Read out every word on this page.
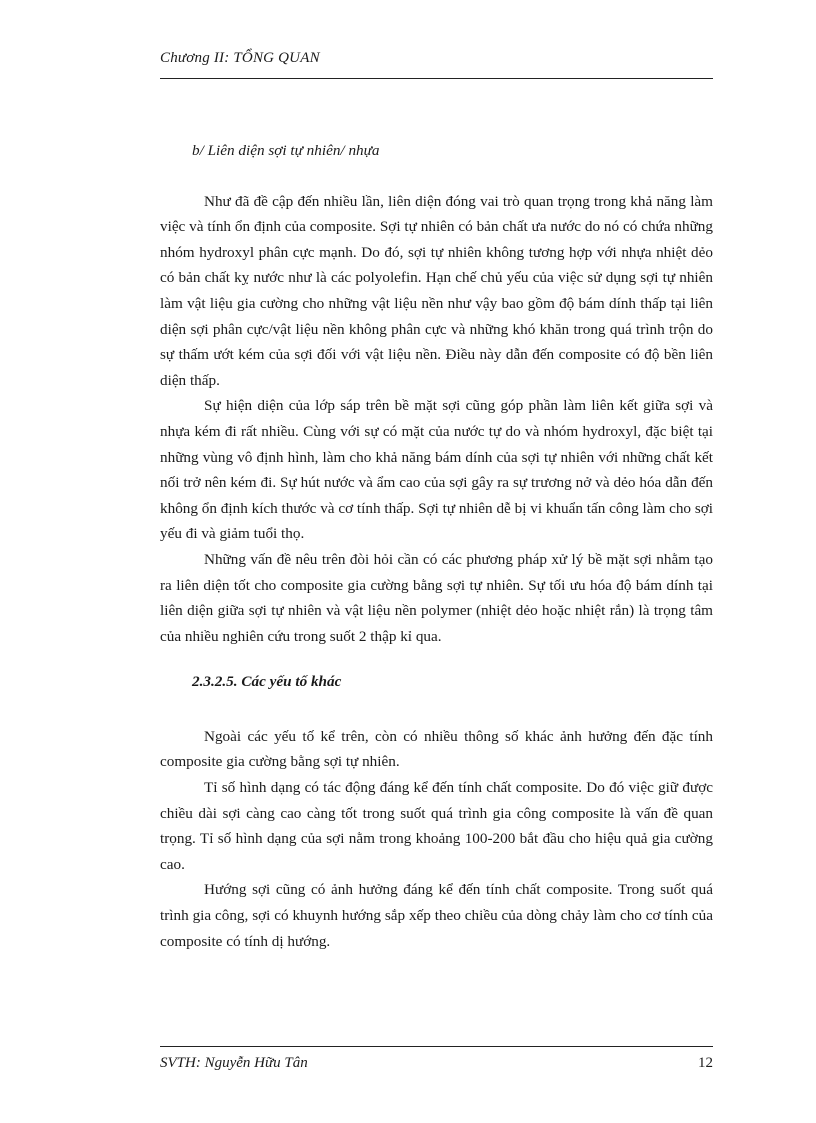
Chương II: TỔNG QUAN
b/ Liên diện sợi tự nhiên/ nhựa

Như đã đề cập đến nhiều lần, liên diện đóng vai trò quan trọng trong khả năng làm việc và tính ổn định của composite. Sợi tự nhiên có bản chất ưa nước do nó có chứa những nhóm hydroxyl phân cực mạnh. Do đó, sợi tự nhiên không tương hợp với nhựa nhiệt dẻo có bản chất kỵ nước như là các polyolefin. Hạn chế chủ yếu của việc sử dụng sợi tự nhiên làm vật liệu gia cường cho những vật liệu nền như vậy bao gồm độ bám dính thấp tại liên diện sợi phân cực/vật liệu nền không phân cực và những khó khăn trong quá trình trộn do sự thấm ướt kém của sợi đối với vật liệu nền. Điều này dẫn đến composite có độ bền liên diện thấp.

Sự hiện diện của lớp sáp trên bề mặt sợi cũng góp phần làm liên kết giữa sợi và nhựa kém đi rất nhiều. Cùng với sự có mặt của nước tự do và nhóm hydroxyl, đặc biệt tại những vùng vô định hình, làm cho khả năng bám dính của sợi tự nhiên với những chất kết nối trở nên kém đi. Sự hút nước và ẩm cao của sợi gây ra sự trương nở và dẻo hóa dẫn đến không ổn định kích thước và cơ tính thấp. Sợi tự nhiên dễ bị vi khuẩn tấn công làm cho sợi yếu đi và giảm tuổi thọ.

Những vấn đề nêu trên đòi hỏi cần có các phương pháp xử lý bề mặt sợi nhằm tạo ra liên diện tốt cho composite gia cường bằng sợi tự nhiên. Sự tối ưu hóa độ bám dính tại liên diện giữa sợi tự nhiên và vật liệu nền polymer (nhiệt dẻo hoặc nhiệt rắn) là trọng tâm của nhiều nghiên cứu trong suốt 2 thập kỉ qua.

2.3.2.5. Các yếu tố khác

Ngoài các yếu tố kể trên, còn có nhiều thông số khác ảnh hưởng đến đặc tính composite gia cường bằng sợi tự nhiên.

Tỉ số hình dạng có tác động đáng kể đến tính chất composite. Do đó việc giữ được chiều dài sợi càng cao càng tốt trong suốt quá trình gia công composite là vấn đề quan trọng. Tỉ số hình dạng của sợi nằm trong khoảng 100-200 bắt đầu cho hiệu quả gia cường cao.

Hướng sợi cũng có ảnh hưởng đáng kể đến tính chất composite. Trong suốt quá trình gia công, sợi có khuynh hướng sắp xếp theo chiều của dòng chảy làm cho cơ tính của composite có tính dị hướng.

SVTH: Nguyễn Hữu Tân	12
